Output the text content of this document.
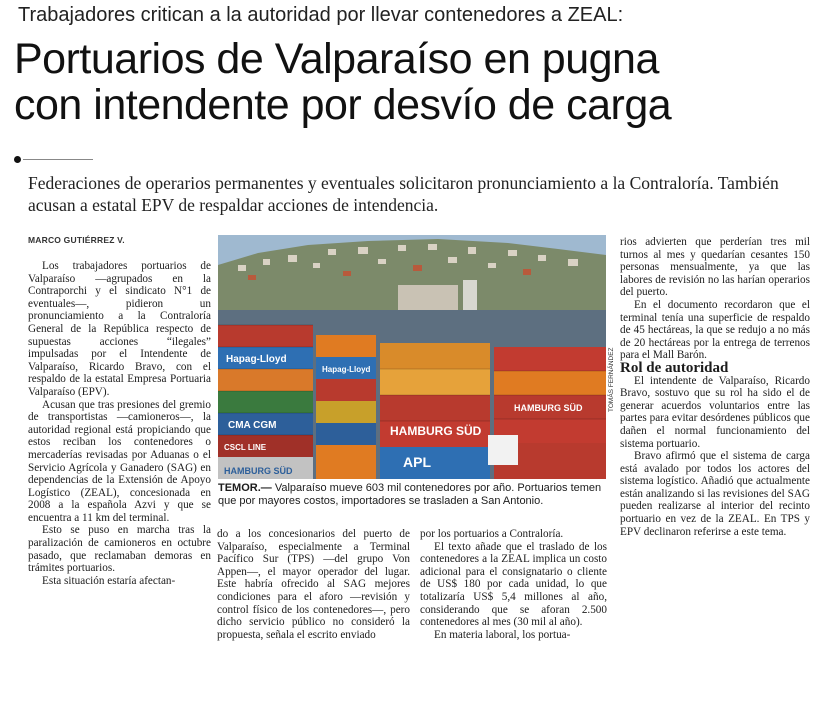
Trabajadores critican a la autoridad por llevar contenedores a ZEAL:
Portuarios de Valparaíso en pugna
con intendente por desvío de carga
Federaciones de operarios permanentes y eventuales solicitaron pronunciamiento a la Contraloría. También acusan a estatal EPV de respaldar acciones de intendencia.
MARCO GUTIÉRREZ V.

Los trabajadores portuarios de Valparaíso —agrupados en la Contraporchi y el sindicato N°1 de eventuales—, pidieron un pronunciamiento a la Contraloría General de la República respecto de supuestas acciones “ilegales” impulsadas por el Intendente de Valparaíso, Ricardo Bravo, con el respaldo de la estatal Empresa Portuaria Valparaíso (EPV).

Acusan que tras presiones del gremio de transportistas —camioneros—, la autoridad regional está propiciando que estos reciban los contenedores o mercaderías revisadas por Aduanas o el Servicio Agrícola y Ganadero (SAG) en dependencias de la Extensión de Apoyo Logístico (ZEAL), concesionada en 2008 a la española Azvi y que se encuentra a 11 km del terminal.

Esto se puso en marcha tras la paralización de camioneros en octubre pasado, que reclamaban demoras en trámites portuarios.

Esta situación estaría afectan-

Hapag-Lloyd
CMA CGM	HAMBURG SÜD
APL
CSCL LINE
Hapag-Lloyd
HAMBURG SÜD
HAMBURG SÜD	TOMÁS FERNÁNDEZ
TEMOR.— Valparaíso mueve 603 mil contenedores por año. Portuarios temen que por mayores costos, importadores se trasladen a San Antonio.

do a los concesionarios del puerto de Valparaíso, especialmente a Terminal Pacífico Sur (TPS) —del grupo Von Appen—, el mayor operador del lugar. Este habría ofrecido al SAG mejores condiciones para el aforo —revisión y control físico de los contenedores—, pero dicho servicio público no consideró la propuesta, señala el escrito enviado

por los portuarios a Contraloría.

El texto añade que el traslado de los contenedores a la ZEAL implica un costo adicional para el consignatario o cliente de US$ 180 por cada unidad, lo que totalizaría US$ 5,4 millones al año, considerando que se aforan 2.500 contenedores al mes (30 mil al año).

En materia laboral, los portua-

rios advierten que perderían tres mil turnos al mes y quedarían cesantes 150 personas mensualmente, ya que las labores de revisión no las harían operarios del puerto.

En el documento recordaron que el terminal tenía una superficie de respaldo de 45 hectáreas, la que se redujo a no más de 20 hectáreas por la entrega de terrenos para el Mall Barón.

Rol de autoridad

El intendente de Valparaíso, Ricardo Bravo, sostuvo que su rol ha sido el de generar acuerdos voluntarios entre las partes para evitar desórdenes públicos que dañen el normal funcionamiento del sistema portuario.

Bravo afirmó que el sistema de carga está avalado por todos los actores del sistema logístico. Añadió que actualmente están analizando si las revisiones del SAG pueden realizarse al interior del recinto portuario en vez de la ZEAL. En TPS y EPV declinaron referirse a este tema.
